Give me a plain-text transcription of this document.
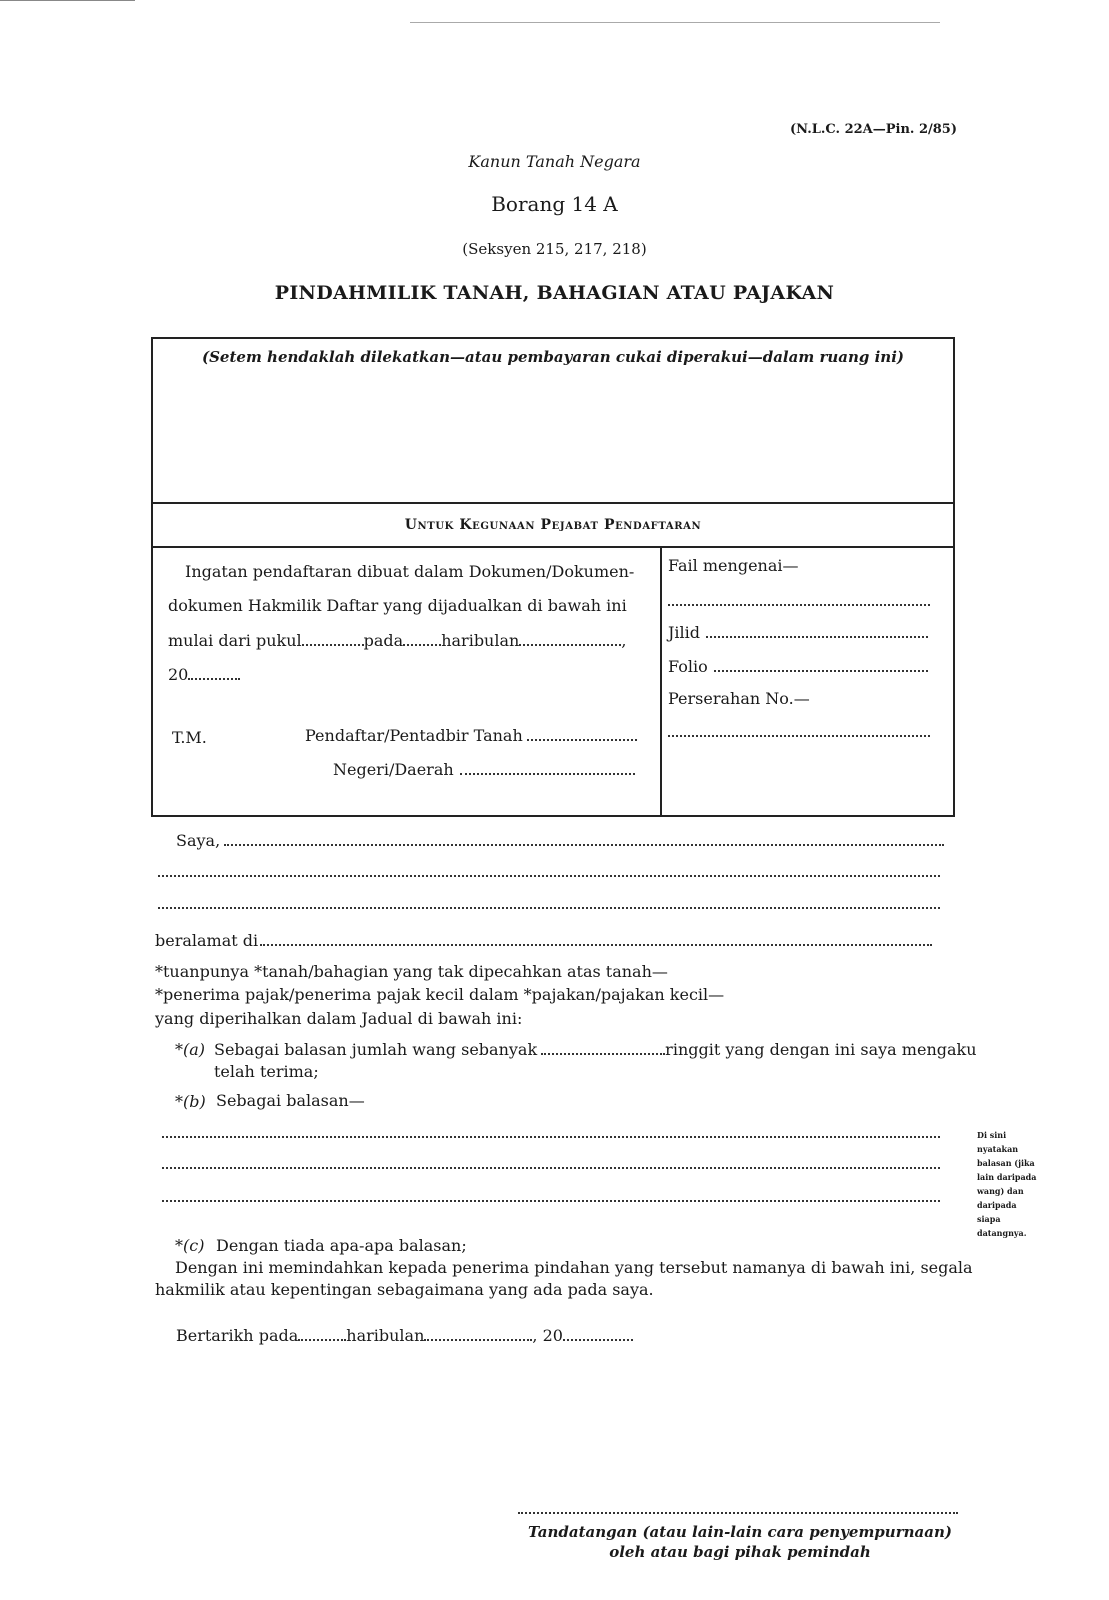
(N.L.C. 22A—Pin. 2/85)
Kanun Tanah Negara
Borang 14 A
(Seksyen 215, 217, 218)
PINDAHMILIK TANAH, BAHAGIAN ATAU PAJAKAN
(Setem hendaklah dilekatkan—atau pembayaran cukai diperakui—dalam ruang ini)
Untuk Kegunaan Pejabat Pendaftaran
Ingatan pendaftaran dibuat dalam Dokumen/Dokumen-
dokumen Hakmilik Daftar yang dijadualkan di bawah ini
mulai dari pukul	pada haribulan	,
20
T.M.	Pendaftar/Pentadbir Tanah
Negeri/Daerah
Fail mengenai—
Jilid
Folio
Perserahan No.—
Saya,
beralamat di
*tuanpunya *tanah/bahagian yang tak dipecahkan atas tanah—
*penerima pajak/penerima pajak kecil dalam *pajakan/pajakan kecil—
yang diperihalkan dalam Jadual di bawah ini:
*(a) Sebagai balasan jumlah wang sebanyak	ringgit yang dengan ini saya mengaku
telah terima;
*(b) Sebagai balasan—
Di sini nyatakan balasan (jika lain daripada wang) dan daripada siapa datangnya.
*(c) Dengan tiada apa-apa balasan;
Dengan ini memindahkan kepada penerima pindahan yang tersebut namanya di bawah ini, segala
hakmilik atau kepentingan sebagaimana yang ada pada saya.
Bertarikh pada	haribulan	, 20
Tandatangan (atau lain-lain cara penyempurnaan)
oleh atau bagi pihak pemindah
